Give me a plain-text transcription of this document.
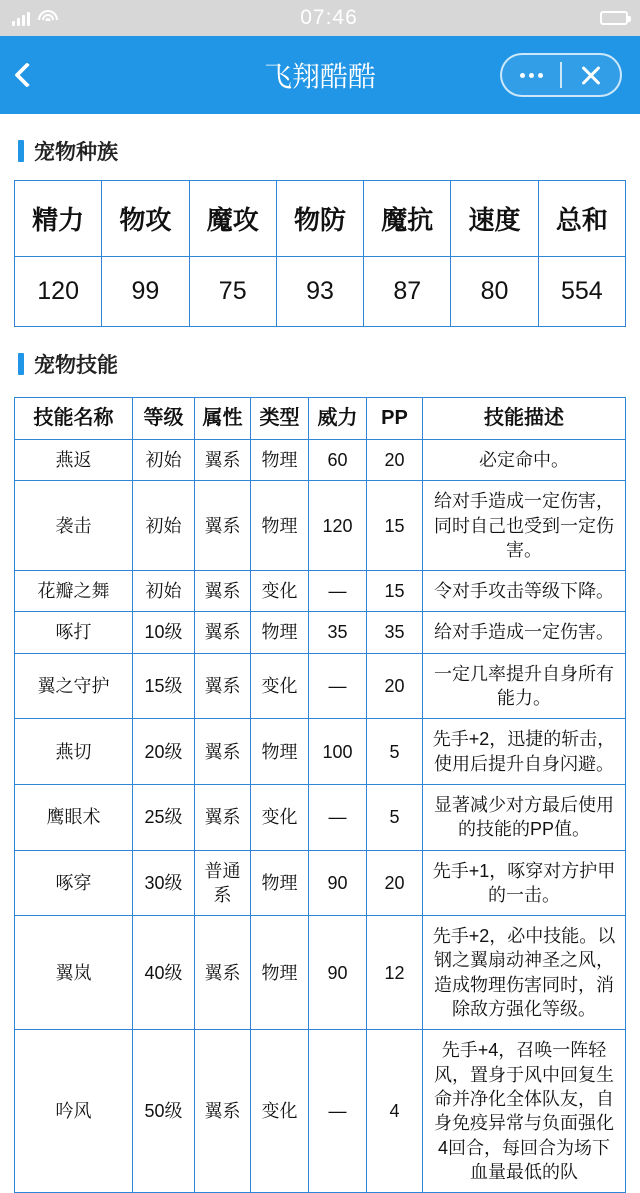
07:46
飞翔酷酷
宠物种族
精力	物攻	魔攻	物防	魔抗	速度	总和
120	99	75	93	87	80	554
宠物技能
技能名称	等级	属性	类型	威力	PP	技能描述
燕返	初始	翼系	物理	60	20	必定命中。
袭击	初始	翼系	物理	120	15	给对手造成一定伤害，同时自己也受到一定伤害。
花瓣之舞	初始	翼系	变化	—	15	令对手攻击等级下降。
啄打	10级	翼系	物理	35	35	给对手造成一定伤害。
翼之守护	15级	翼系	变化	—	20	一定几率提升自身所有能力。
燕切	20级	翼系	物理	100	5	先手+2，迅捷的斩击，使用后提升自身闪避。
鹰眼术	25级	翼系	变化	—	5	显著减少对方最后使用的技能的PP值。
啄穿	30级	普通系	物理	90	20	先手+1，啄穿对方护甲的一击。
翼岚	40级	翼系	物理	90	12	先手+2，必中技能。以钢之翼扇动神圣之风，造成物理伤害同时，消除敌方强化等级。
吟风	50级	翼系	变化	—	4	先手+4，召唤一阵轻风，置身于风中回复生命并净化全体队友，自身免疫异常与负面强化4回合，每回合为场下血量最低的队
